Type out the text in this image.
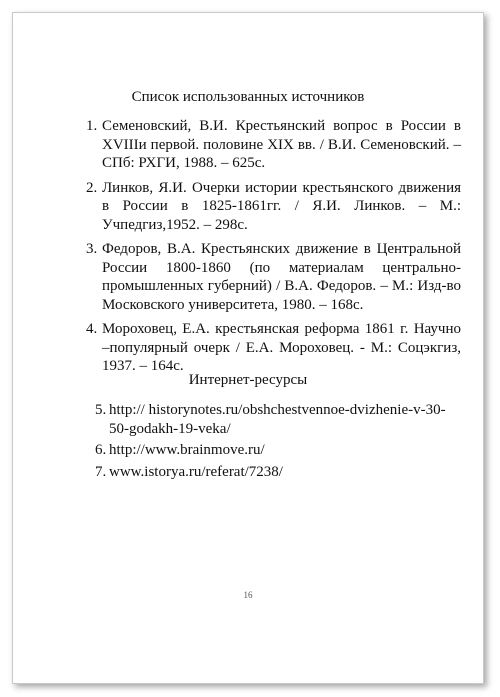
Список использованных источников
1. Семеновский, В.И. Крестьянский вопрос в России в XVIIIи первой. половине XIX вв. / В.И. Семеновский. – СПб: РХГИ, 1988. – 625с.
2. Линков, Я.И. Очерки истории крестьянского движения в России в 1825-1861гг. / Я.И. Линков. – М.: Учпедгиз,1952. – 298с.
3. Федоров, В.А. Крестьянских движение в Центральной России 1800-1860 (по материалам центрально-промышленных губерний) / В.А. Федоров. – М.: Изд-во Московского университета, 1980. – 168с.
4. Мороховец, Е.А. крестьянская реформа 1861 г. Научно –популярный очерк / Е.А. Мороховец. - М.: Соцэкгиз, 1937. – 164с.
Интернет-ресурсы
5. http:// historynotes.ru/obshchestvennoe-dvizhenie-v-30-50-godakh-19-veka/
6. http://www.brainmove.ru/
7. www.istorya.ru/referat/7238/
16
